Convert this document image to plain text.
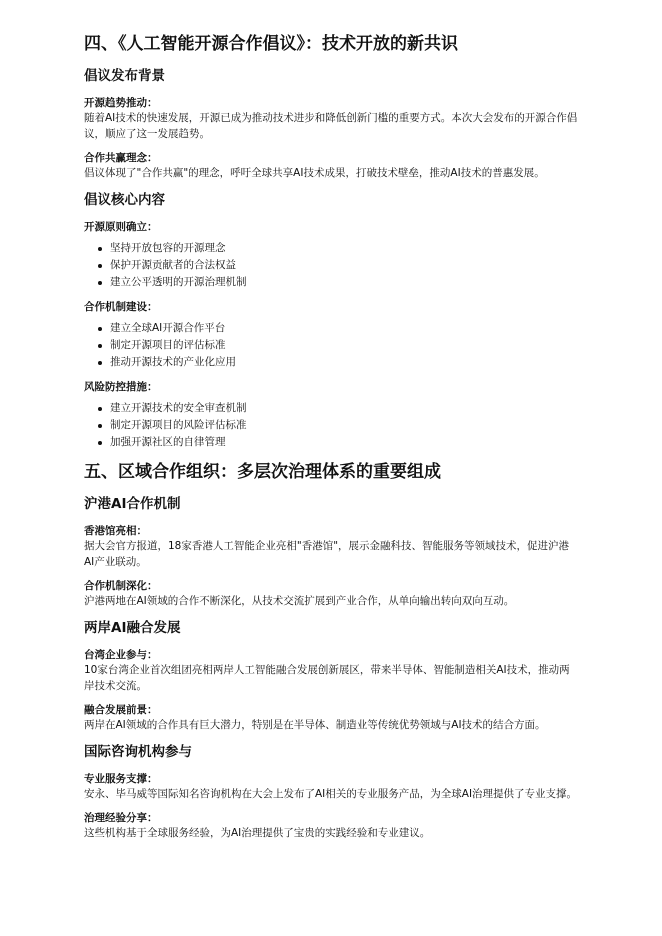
四、《人工智能开源合作倡议》：技术开放的新共识
倡议发布背景
开源趋势推动：
随着AI技术的快速发展，开源已成为推动技术进步和降低创新门槛的重要方式。本次大会发布的开源合作倡议，顺应了这一发展趋势。
合作共赢理念：
倡议体现了"合作共赢"的理念，呼吁全球共享AI技术成果，打破技术壁垒，推动AI技术的普惠发展。
倡议核心内容
开源原则确立：
坚持开放包容的开源理念
保护开源贡献者的合法权益
建立公平透明的开源治理机制
合作机制建设：
建立全球AI开源合作平台
制定开源项目的评估标准
推动开源技术的产业化应用
风险防控措施：
建立开源技术的安全审查机制
制定开源项目的风险评估标准
加强开源社区的自律管理
五、区域合作组织：多层次治理体系的重要组成
沪港AI合作机制
香港馆亮相：
据大会官方报道，18家香港人工智能企业亮相"香港馆"，展示金融科技、智能服务等领域技术，促进沪港AI产业联动。
合作机制深化：
沪港两地在AI领域的合作不断深化，从技术交流扩展到产业合作，从单向输出转向双向互动。
两岸AI融合发展
台湾企业参与：
10家台湾企业首次组团亮相两岸人工智能融合发展创新展区，带来半导体、智能制造相关AI技术，推动两岸技术交流。
融合发展前景：
两岸在AI领域的合作具有巨大潜力，特别是在半导体、制造业等传统优势领域与AI技术的结合方面。
国际咨询机构参与
专业服务支撑：
安永、毕马威等国际知名咨询机构在大会上发布了AI相关的专业服务产品，为全球AI治理提供了专业支撑。
治理经验分享：
这些机构基于全球服务经验，为AI治理提供了宝贵的实践经验和专业建议。
